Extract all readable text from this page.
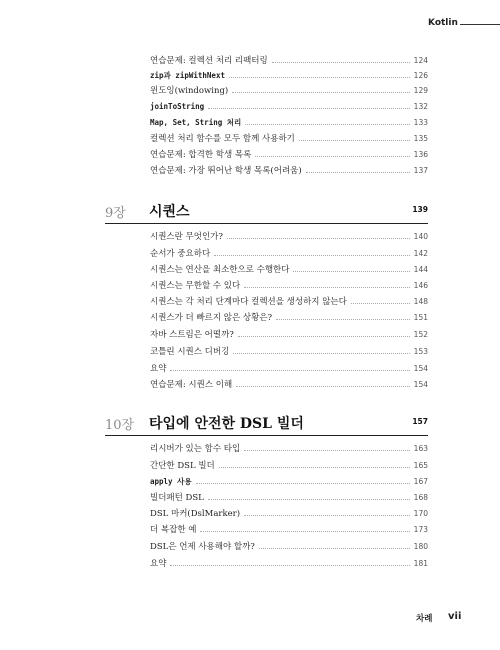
Kotlin
연습문제: 컬렉션 처리 리팩터링	124
zip과 zipWithNext	126
윈도잉(windowing)	129
joinToString	132
Map, Set, String 처리	133
컬렉션 처리 함수를 모두 함께 사용하기	135
연습문제: 합격한 학생 목록	136
연습문제: 가장 뛰어난 학생 목록(어려움)	137
9장 시퀀스	139
시퀀스란 무엇인가?	140
순서가 중요하다	142
시퀀스는 연산을 최소한으로 수행한다	144
시퀀스는 무한할 수 있다	146
시퀀스는 각 처리 단계마다 컬렉션을 생성하지 않는다	148
시퀀스가 더 빠르지 않은 상황은?	151
자바 스트림은 어떨까?	152
코틀린 시퀀스 디버깅	153
요약	154
연습문제: 시퀀스 이해	154
10장 타입에 안전한 DSL 빌더	157
리시버가 있는 함수 타입	163
간단한 DSL 빌더	165
apply 사용	167
빌더패턴 DSL	168
DSL 마커(DslMarker)	170
더 복잡한 예	173
DSL은 언제 사용해야 할까?	180
요약	181
차례 vii
